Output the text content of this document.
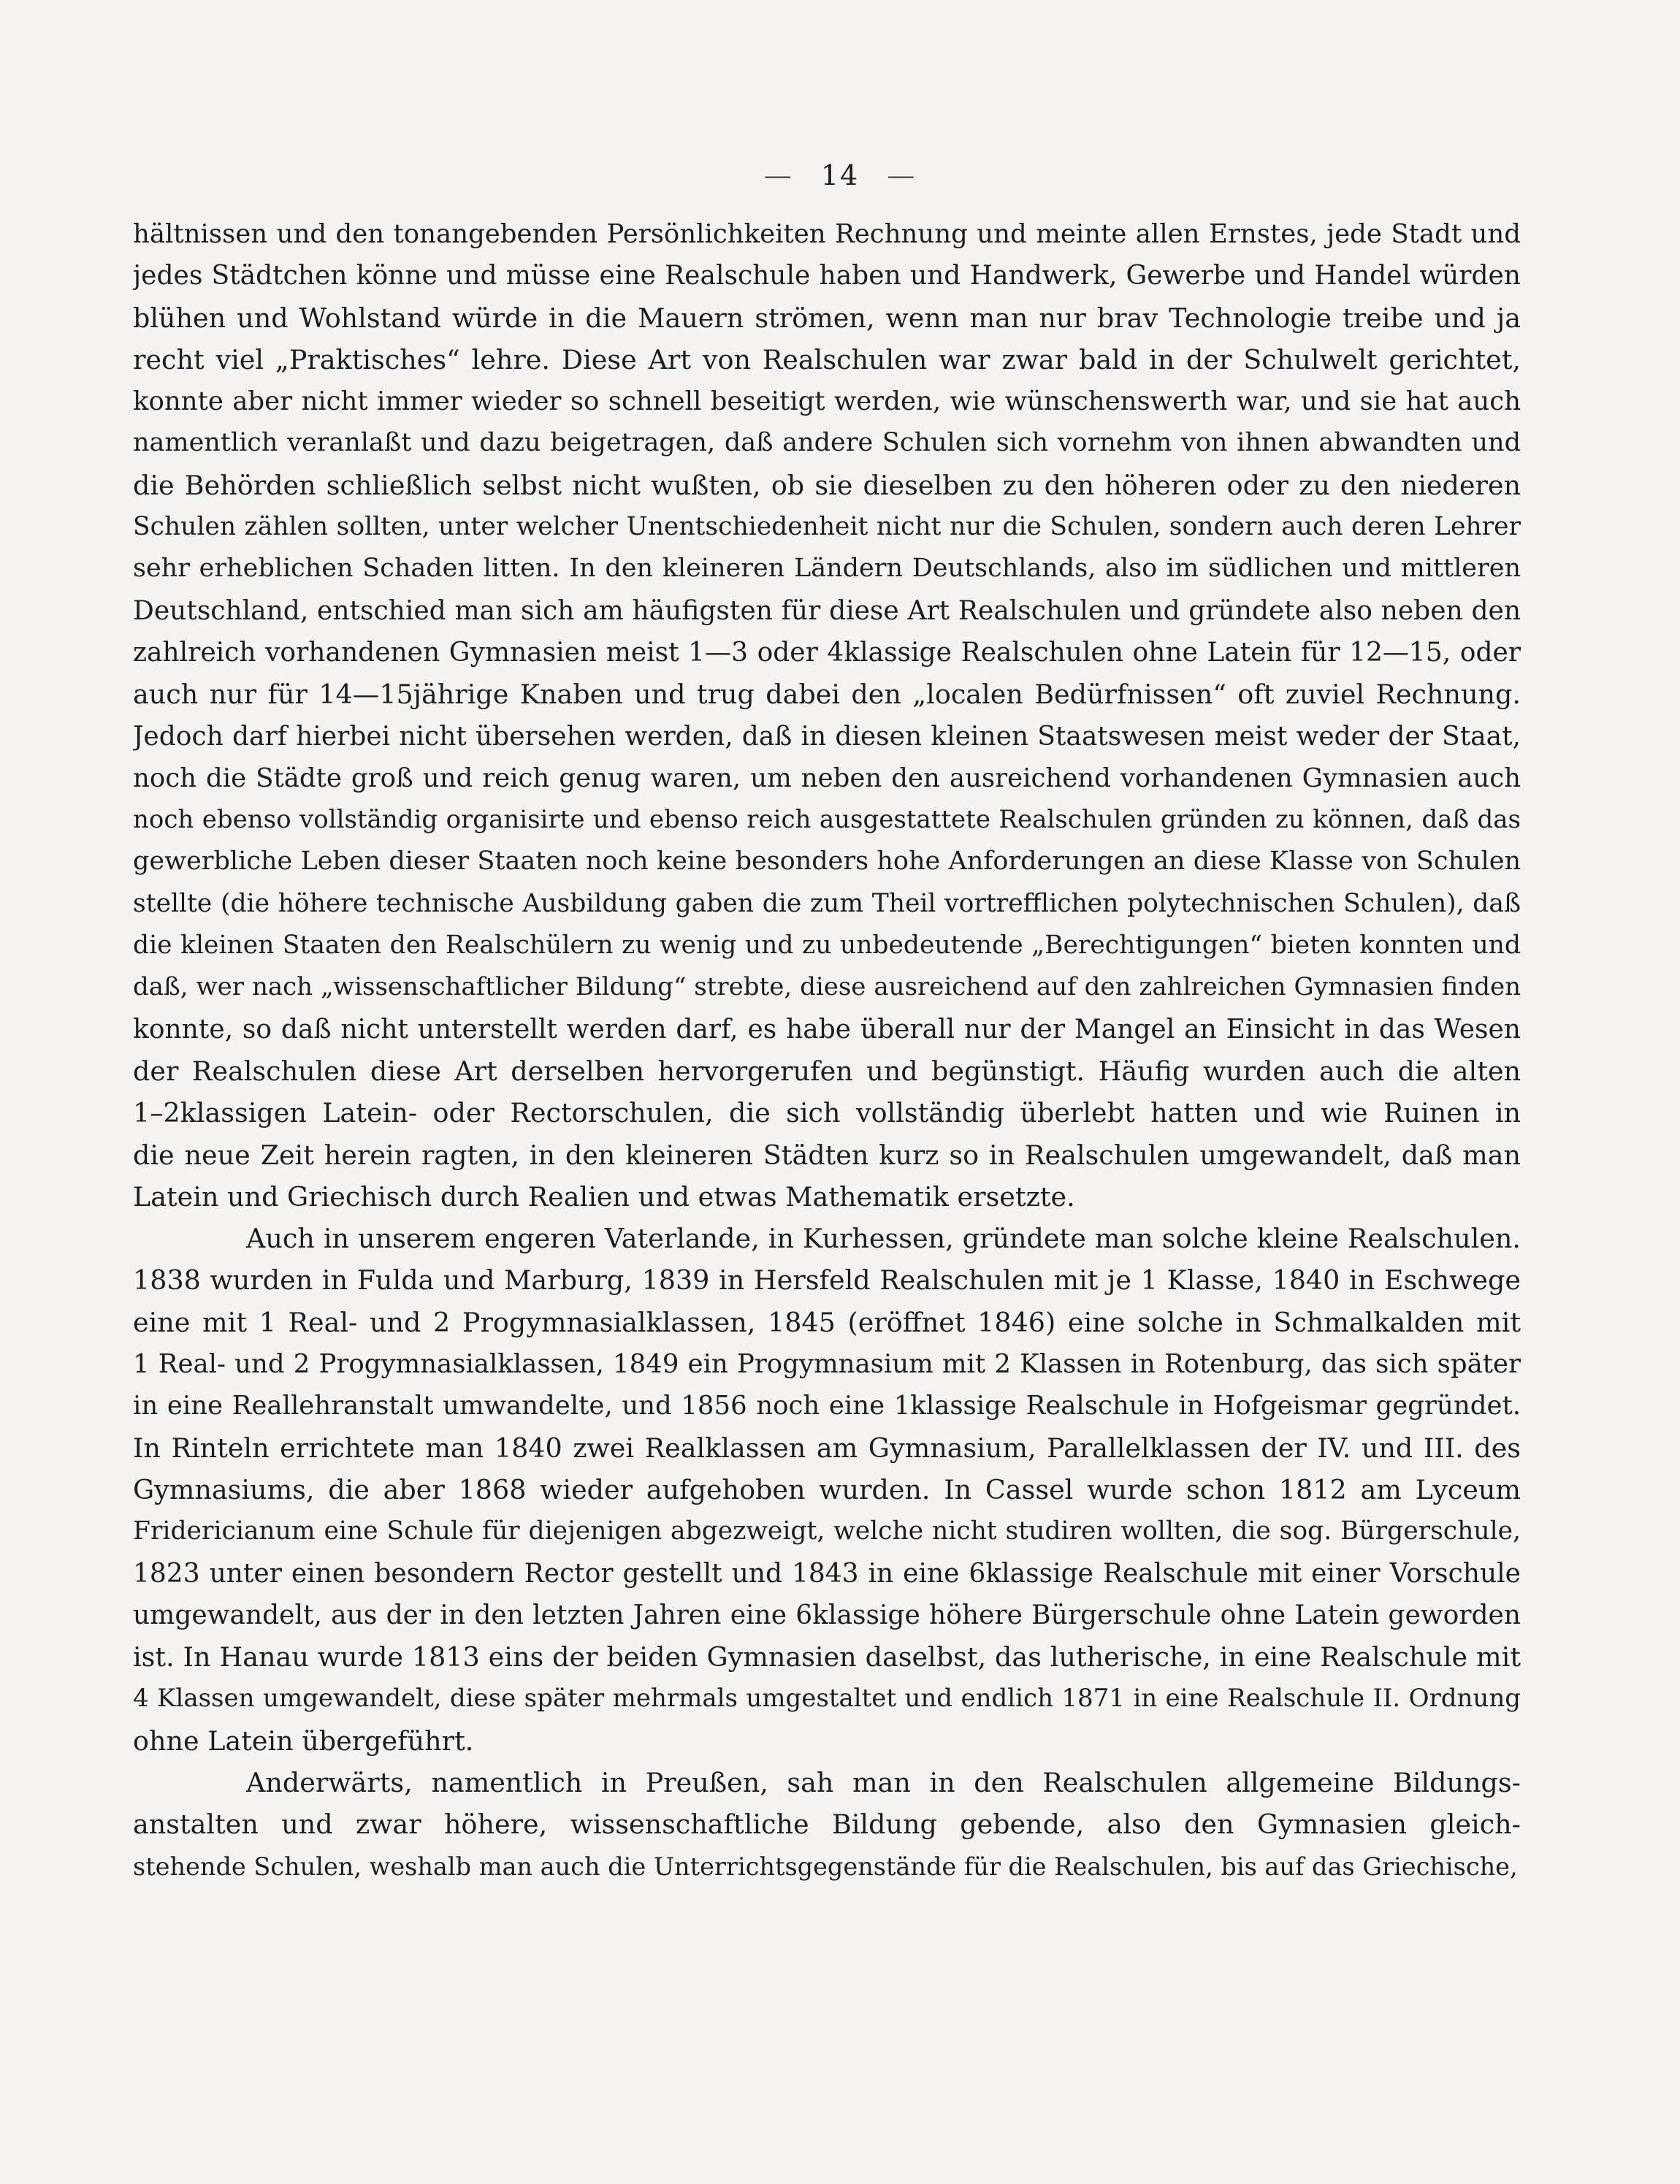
— 14 —

hältnissen und den tonangebenden Persönlichkeiten Rechnung und meinte allen Ernstes, jede Stadt und
jedes Städtchen könne und müsse eine Realschule haben und Handwerk, Gewerbe und Handel würden
blühen und Wohlstand würde in die Mauern strömen, wenn man nur brav Technologie treibe und ja
recht viel „Praktisches“ lehre. Diese Art von Realschulen war zwar bald in der Schulwelt gerichtet,
konnte aber nicht immer wieder so schnell beseitigt werden, wie wünschenswerth war, und sie hat auch
namentlich veranlaßt und dazu beigetragen, daß andere Schulen sich vornehm von ihnen abwandten und
die Behörden schließlich selbst nicht wußten, ob sie dieselben zu den höheren oder zu den niederen
Schulen zählen sollten, unter welcher Unentschiedenheit nicht nur die Schulen, sondern auch deren Lehrer
sehr erheblichen Schaden litten. In den kleineren Ländern Deutschlands, also im südlichen und mittleren
Deutschland, entschied man sich am häufigsten für diese Art Realschulen und gründete also neben den
zahlreich vorhandenen Gymnasien meist 1—3 oder 4klassige Realschulen ohne Latein für 12—15, oder
auch nur für 14—15jährige Knaben und trug dabei den „localen Bedürfnissen“ oft zuviel Rechnung.
Jedoch darf hierbei nicht übersehen werden, daß in diesen kleinen Staatswesen meist weder der Staat,
noch die Städte groß und reich genug waren, um neben den ausreichend vorhandenen Gymnasien auch
noch ebenso vollständig organisirte und ebenso reich ausgestattete Realschulen gründen zu können, daß das
gewerbliche Leben dieser Staaten noch keine besonders hohe Anforderungen an diese Klasse von Schulen
stellte (die höhere technische Ausbildung gaben die zum Theil vortrefflichen polytechnischen Schulen), daß
die kleinen Staaten den Realschülern zu wenig und zu unbedeutende „Berechtigungen“ bieten konnten und
daß, wer nach „wissenschaftlicher Bildung“ strebte, diese ausreichend auf den zahlreichen Gymnasien finden
konnte, so daß nicht unterstellt werden darf, es habe überall nur der Mangel an Einsicht in das Wesen
der Realschulen diese Art derselben hervorgerufen und begünstigt. Häufig wurden auch die alten
1–2klassigen Latein- oder Rectorschulen, die sich vollständig überlebt hatten und wie Ruinen in
die neue Zeit herein ragten, in den kleineren Städten kurz so in Realschulen umgewandelt, daß man
Latein und Griechisch durch Realien und etwas Mathematik ersetzte.

Auch in unserem engeren Vaterlande, in Kurhessen, gründete man solche kleine Realschulen.
1838 wurden in Fulda und Marburg, 1839 in Hersfeld Realschulen mit je 1 Klasse, 1840 in Eschwege
eine mit 1 Real- und 2 Progymnasialklassen, 1845 (eröffnet 1846) eine solche in Schmalkalden mit
1 Real- und 2 Progymnasialklassen, 1849 ein Progymnasium mit 2 Klassen in Rotenburg, das sich später
in eine Reallehranstalt umwandelte, und 1856 noch eine 1klassige Realschule in Hofgeismar gegründet.
In Rinteln errichtete man 1840 zwei Realklassen am Gymnasium, Parallelklassen der IV. und III. des
Gymnasiums, die aber 1868 wieder aufgehoben wurden. In Cassel wurde schon 1812 am Lyceum
Fridericianum eine Schule für diejenigen abgezweigt, welche nicht studiren wollten, die sog. Bürgerschule,
1823 unter einen besondern Rector gestellt und 1843 in eine 6klassige Realschule mit einer Vorschule
umgewandelt, aus der in den letzten Jahren eine 6klassige höhere Bürgerschule ohne Latein geworden
ist. In Hanau wurde 1813 eins der beiden Gymnasien daselbst, das lutherische, in eine Realschule mit
4 Klassen umgewandelt, diese später mehrmals umgestaltet und endlich 1871 in eine Realschule II. Ordnung
ohne Latein übergeführt.

Anderwärts, namentlich in Preußen, sah man in den Realschulen allgemeine Bildungs-
anstalten und zwar höhere, wissenschaftliche Bildung gebende, also den Gymnasien gleich-
stehende Schulen, weshalb man auch die Unterrichtsgegenstände für die Realschulen, bis auf das Griechische,
